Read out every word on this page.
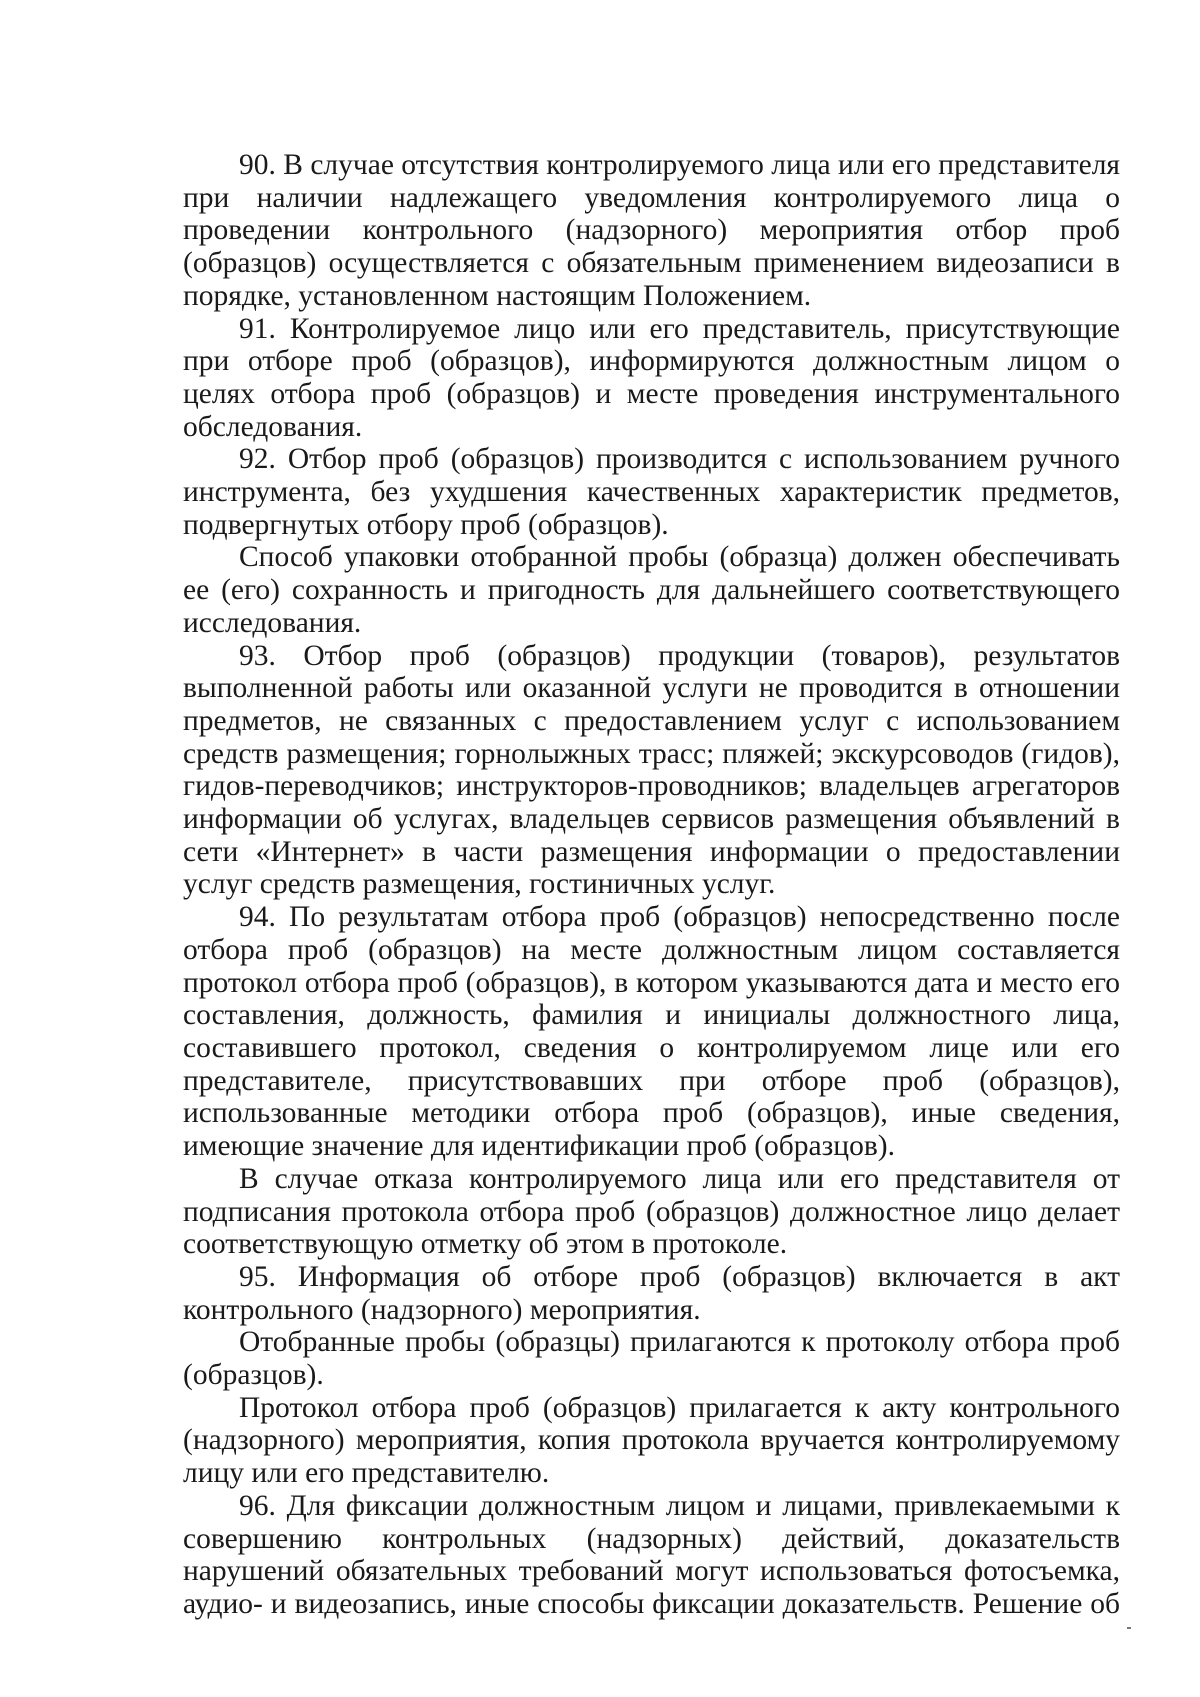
90. В случае отсутствия контролируемого лица или его представителя при наличии надлежащего уведомления контролируемого лица о проведении контрольного (надзорного) мероприятия отбор проб (образцов) осуществляется с обязательным применением видеозаписи в порядке, установленном настоящим Положением.

91. Контролируемое лицо или его представитель, присутствующие при отборе проб (образцов), информируются должностным лицом о целях отбора проб (образцов) и месте проведения инструментального обследования.

92. Отбор проб (образцов) производится с использованием ручного инструмента, без ухудшения качественных характеристик предметов, подвергнутых отбору проб (образцов).

Способ упаковки отобранной пробы (образца) должен обеспечивать ее (его) сохранность и пригодность для дальнейшего соответствующего исследования.

93. Отбор проб (образцов) продукции (товаров), результатов выполненной работы или оказанной услуги не проводится в отношении предметов, не связанных с предоставлением услуг с использованием средств размещения; горнолыжных трасс; пляжей; экскурсоводов (гидов), гидов-переводчиков; инструкторов-проводников; владельцев агрегаторов информации об услугах, владельцев сервисов размещения объявлений в сети «Интернет» в части размещения информации о предоставлении услуг средств размещения, гостиничных услуг.

94. По результатам отбора проб (образцов) непосредственно после отбора проб (образцов) на месте должностным лицом составляется протокол отбора проб (образцов), в котором указываются дата и место его составления, должность, фамилия и инициалы должностного лица, составившего протокол, сведения о контролируемом лице или его представителе, присутствовавших при отборе проб (образцов), использованные методики отбора проб (образцов), иные сведения, имеющие значение для идентификации проб (образцов).

В случае отказа контролируемого лица или его представителя от подписания протокола отбора проб (образцов) должностное лицо делает соответствующую отметку об этом в протоколе.

95. Информация об отборе проб (образцов) включается в акт контрольного (надзорного) мероприятия.

Отобранные пробы (образцы) прилагаются к протоколу отбора проб (образцов).

Протокол отбора проб (образцов) прилагается к акту контрольного (надзорного) мероприятия, копия протокола вручается контролируемому лицу или его представителю.

96. Для фиксации должностным лицом и лицами, привлекаемыми к совершению контрольных (надзорных) действий, доказательств нарушений обязательных требований могут использоваться фотосъемка, аудио- и видеозапись, иные способы фиксации доказательств. Решение об
